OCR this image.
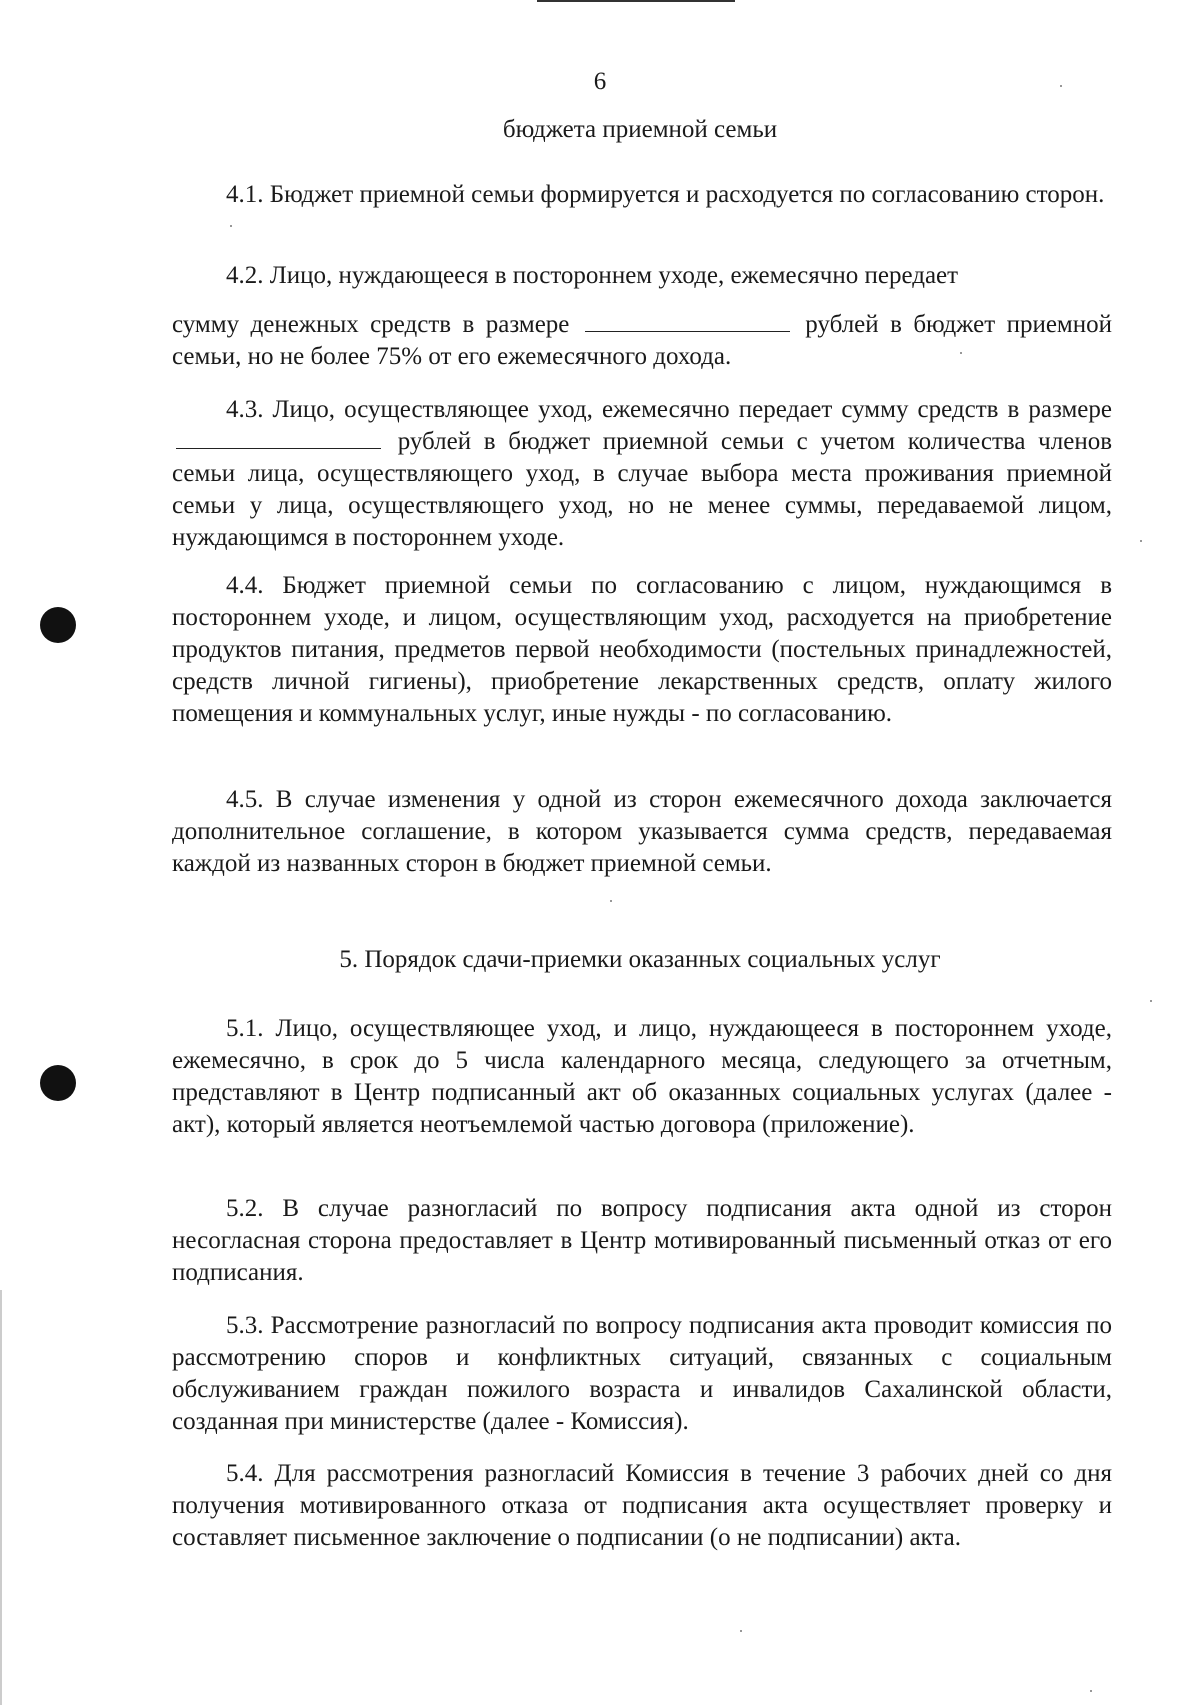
6
бюджета приемной семьи
4.1. Бюджет приемной семьи формируется и расходуется по согласованию сторон.
4.2. Лицо, нуждающееся в постороннем уходе, ежемесячно передает
сумму денежных средств в размере	рублей в бюджет приемной семьи, но не более 75% от его ежемесячного дохода.
4.3. Лицо, осуществляющее уход, ежемесячно передает сумму средств в размере  рублей в бюджет приемной семьи с учетом количества членов семьи лица, осуществляющего уход, в случае выбора места проживания приемной семьи у лица, осуществляющего уход, но не менее суммы, передаваемой лицом, нуждающимся в постороннем уходе.
4.4. Бюджет приемной семьи по согласованию с лицом, нуждающимся в постороннем уходе, и лицом, осуществляющим уход, расходуется на приобретение продуктов питания, предметов первой необходимости (постельных принадлежностей, средств личной гигиены), приобретение лекарственных средств, оплату жилого помещения и коммунальных услуг, иные нужды - по согласованию.
4.5. В случае изменения у одной из сторон ежемесячного дохода заключается дополнительное соглашение, в котором указывается сумма средств, передаваемая каждой из названных сторон в бюджет приемной семьи.
5. Порядок сдачи-приемки оказанных социальных услуг
5.1. Лицо, осуществляющее уход, и лицо, нуждающееся в постороннем уходе, ежемесячно, в срок до 5 числа календарного месяца, следующего за отчетным, представляют в Центр подписанный акт об оказанных социальных услугах (далее - акт), который является неотъемлемой частью договора (приложение).
5.2. В случае разногласий по вопросу подписания акта одной из сторон несогласная сторона предоставляет в Центр мотивированный письменный отказ от его подписания.
5.3. Рассмотрение разногласий по вопросу подписания акта проводит комиссия по рассмотрению споров и конфликтных ситуаций, связанных с социальным обслуживанием граждан пожилого возраста и инвалидов Сахалинской области, созданная при министерстве (далее - Комиссия).
5.4. Для рассмотрения разногласий Комиссия в течение 3 рабочих дней со дня получения мотивированного отказа от подписания акта осуществляет проверку и составляет письменное заключение о подписании (о не подписании) акта.
